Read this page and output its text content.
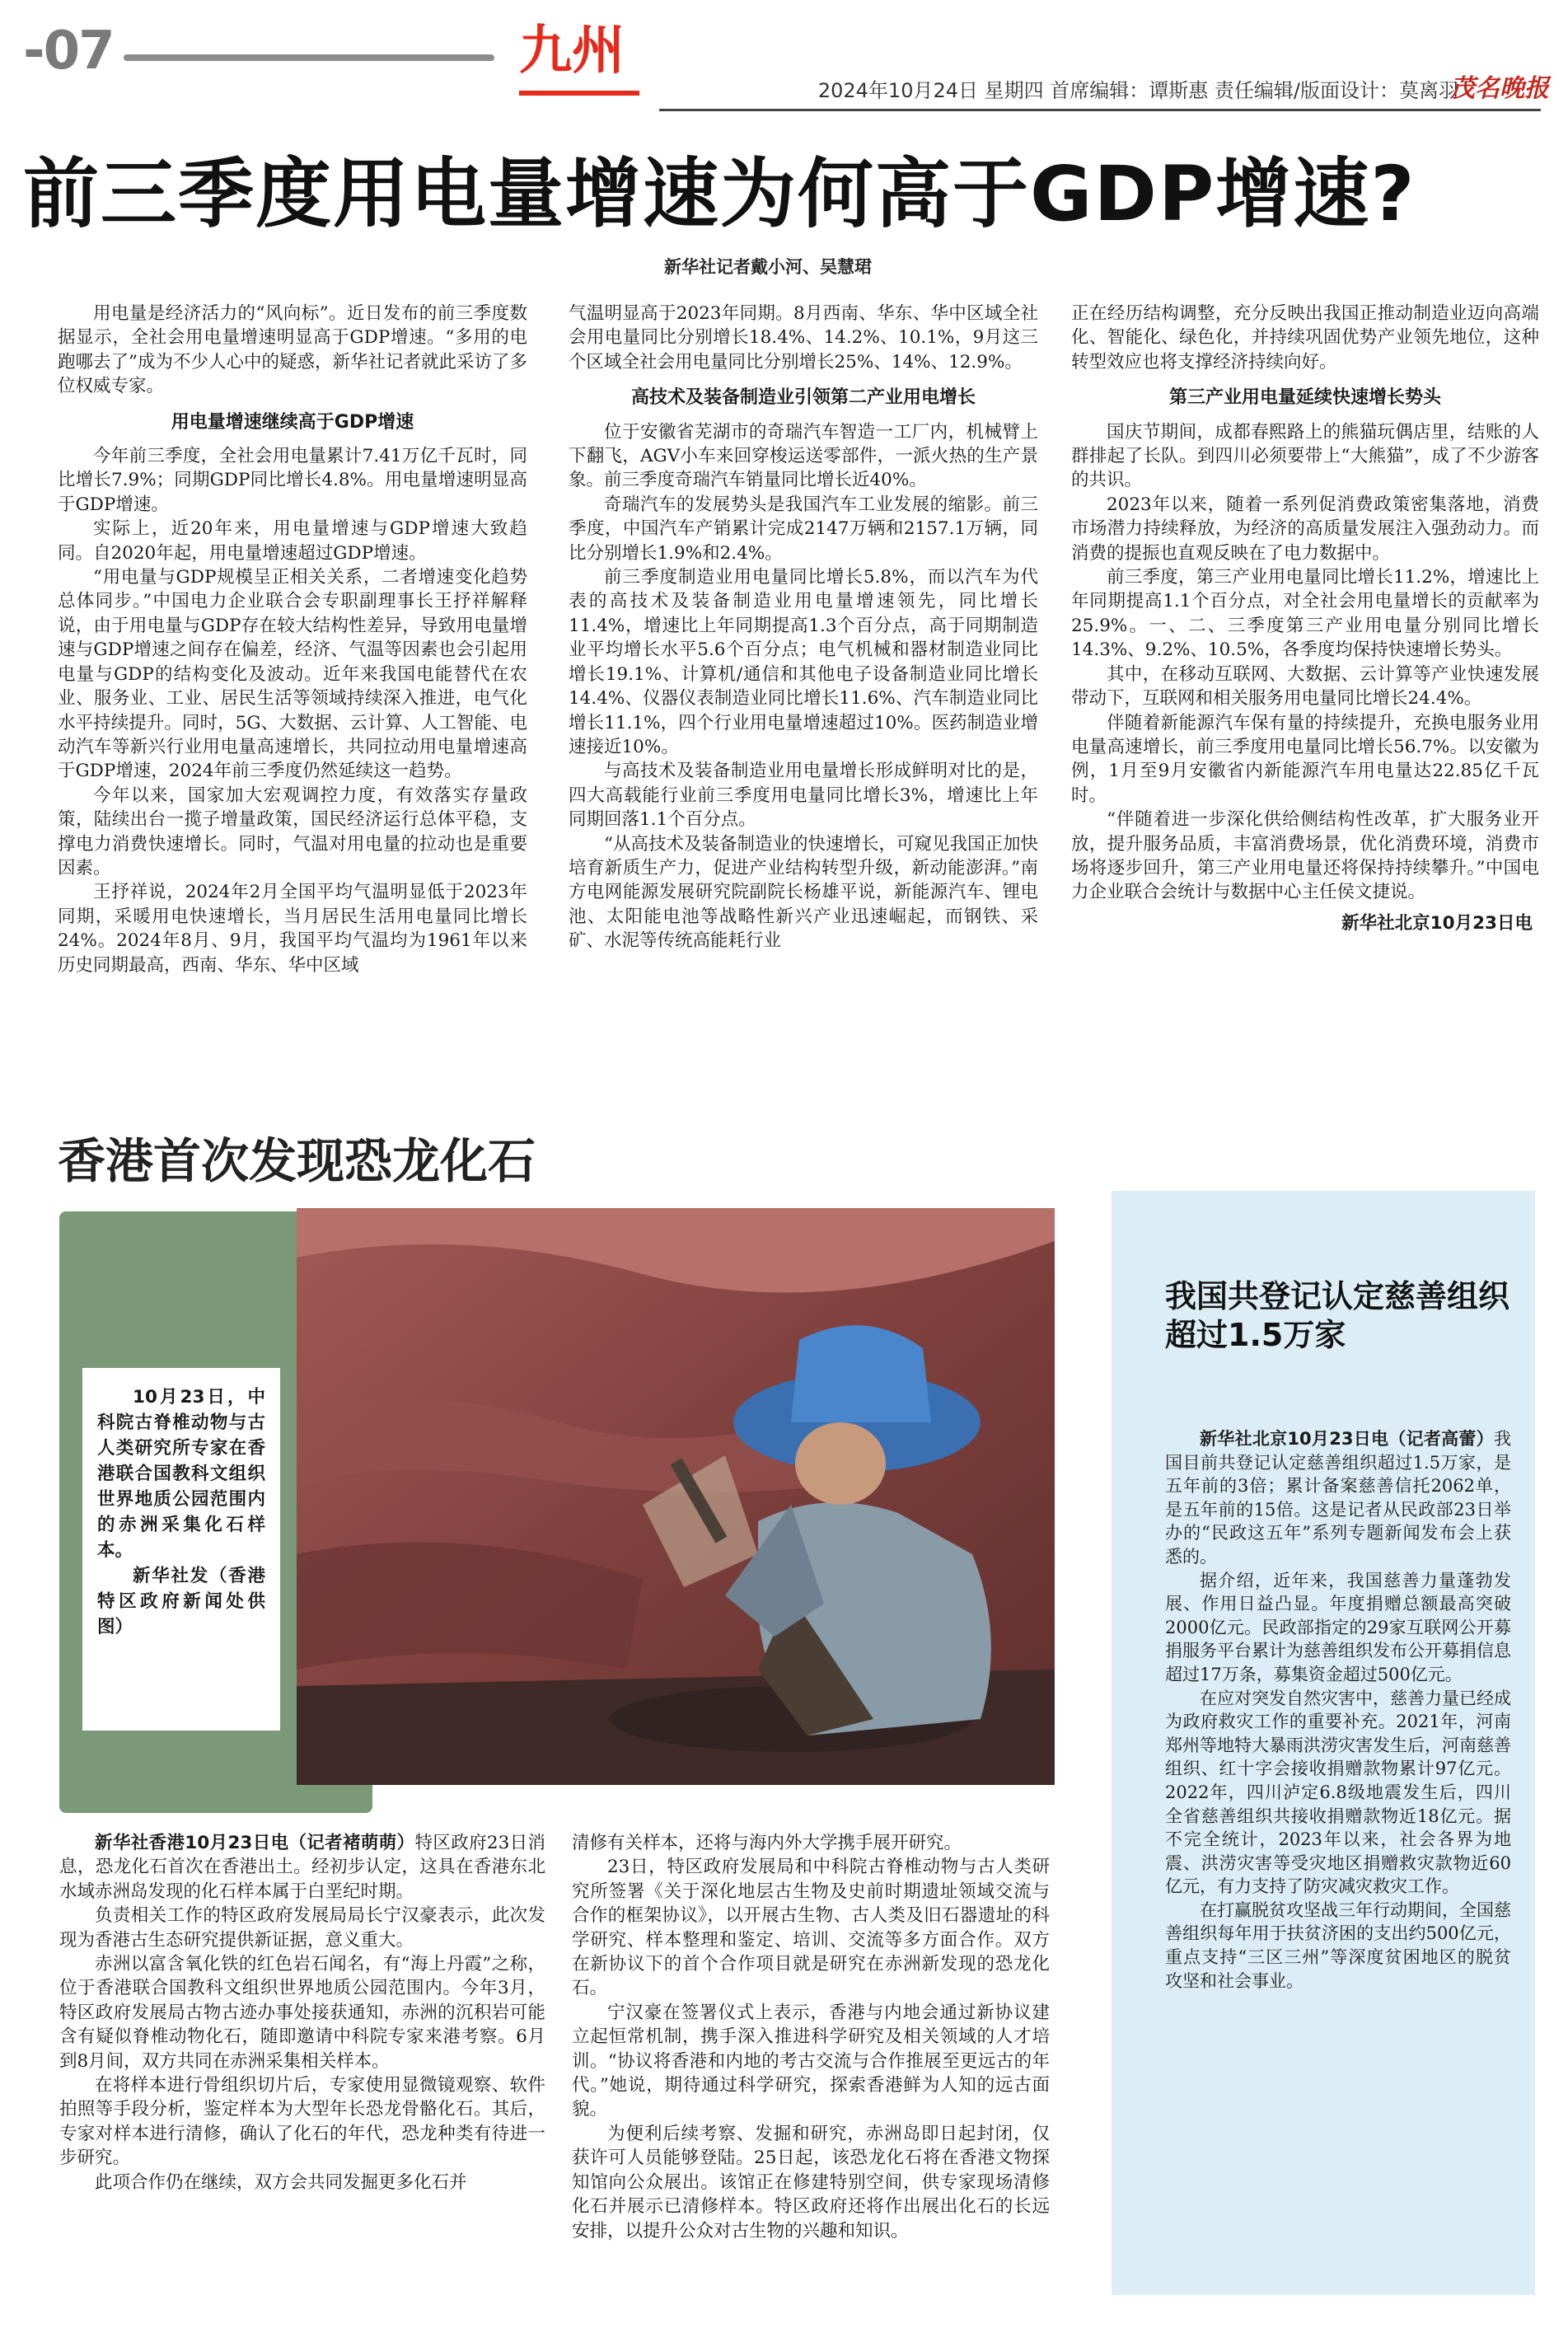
-07	九州
2024年10月24日 星期四 首席编辑：谭斯惠 责任编辑/版面设计：莫离羽
茂名晚报
前三季度用电量增速为何高于GDP增速?
新华社记者戴小河、吴慧珺

用电量是经济活力的“风向标”。近日发布的前三季度数据显示，全社会用电量增速明显高于GDP增速。“多用的电跑哪去了”成为不少人心中的疑惑，新华社记者就此采访了多位权威专家。

用电量增速继续高于GDP增速

今年前三季度，全社会用电量累计7.41万亿千瓦时，同比增长7.9%；同期GDP同比增长4.8%。用电量增速明显高于GDP增速。

实际上，近20年来，用电量增速与GDP增速大致趋同。自2020年起，用电量增速超过GDP增速。

“用电量与GDP规模呈正相关关系，二者增速变化趋势总体同步。”中国电力企业联合会专职副理事长王抒祥解释说，由于用电量与GDP存在较大结构性差异，导致用电量增速与GDP增速之间存在偏差，经济、气温等因素也会引起用电量与GDP的结构变化及波动。近年来我国电能替代在农业、服务业、工业、居民生活等领域持续深入推进，电气化水平持续提升。同时，5G、大数据、云计算、人工智能、电动汽车等新兴行业用电量高速增长，共同拉动用电量增速高于GDP增速，2024年前三季度仍然延续这一趋势。

今年以来，国家加大宏观调控力度，有效落实存量政策，陆续出台一揽子增量政策，国民经济运行总体平稳，支撑电力消费快速增长。同时，气温对用电量的拉动也是重要因素。

王抒祥说，2024年2月全国平均气温明显低于2023年同期，采暖用电快速增长，当月居民生活用电量同比增长24%。2024年8月、9月，我国平均气温均为1961年以来历史同期最高，西南、华东、华中区域

气温明显高于2023年同期。8月西南、华东、华中区域全社会用电量同比分别增长18.4%、14.2%、10.1%，9月这三个区域全社会用电量同比分别增长25%、14%、12.9%。

高技术及装备制造业引领第二产业用电增长

位于安徽省芜湖市的奇瑞汽车智造一工厂内，机械臂上下翻飞，AGV小车来回穿梭运送零部件，一派火热的生产景象。前三季度奇瑞汽车销量同比增长近40%。

奇瑞汽车的发展势头是我国汽车工业发展的缩影。前三季度，中国汽车产销累计完成2147万辆和2157.1万辆，同比分别增长1.9%和2.4%。

前三季度制造业用电量同比增长5.8%，而以汽车为代表的高技术及装备制造业用电量增速领先，同比增长11.4%，增速比上年同期提高1.3个百分点，高于同期制造业平均增长水平5.6个百分点；电气机械和器材制造业同比增长19.1%、计算机/通信和其他电子设备制造业同比增长14.4%、仪器仪表制造业同比增长11.6%、汽车制造业同比增长11.1%，四个行业用电量增速超过10%。医药制造业增速接近10%。

与高技术及装备制造业用电量增长形成鲜明对比的是，四大高载能行业前三季度用电量同比增长3%，增速比上年同期回落1.1个百分点。

“从高技术及装备制造业的快速增长，可窥见我国正加快培育新质生产力，促进产业结构转型升级，新动能澎湃。”南方电网能源发展研究院副院长杨雄平说，新能源汽车、锂电池、太阳能电池等战略性新兴产业迅速崛起，而钢铁、采矿、水泥等传统高能耗行业

正在经历结构调整，充分反映出我国正推动制造业迈向高端化、智能化、绿色化，并持续巩固优势产业领先地位，这种转型效应也将支撑经济持续向好。

第三产业用电量延续快速增长势头

国庆节期间，成都春熙路上的熊猫玩偶店里，结账的人群排起了长队。到四川必须要带上“大熊猫”，成了不少游客的共识。

2023年以来，随着一系列促消费政策密集落地，消费市场潜力持续释放，为经济的高质量发展注入强劲动力。而消费的提振也直观反映在了电力数据中。

前三季度，第三产业用电量同比增长11.2%，增速比上年同期提高1.1个百分点，对全社会用电量增长的贡献率为25.9%。一、二、三季度第三产业用电量分别同比增长14.3%、9.2%、10.5%，各季度均保持快速增长势头。

其中，在移动互联网、大数据、云计算等产业快速发展带动下，互联网和相关服务用电量同比增长24.4%。

伴随着新能源汽车保有量的持续提升，充换电服务业用电量高速增长，前三季度用电量同比增长56.7%。以安徽为例，1月至9月安徽省内新能源汽车用电量达22.85亿千瓦时。

“伴随着进一步深化供给侧结构性改革，扩大服务业开放，提升服务品质，丰富消费场景，优化消费环境，消费市场将逐步回升，第三产业用电量还将保持持续攀升。”中国电力企业联合会统计与数据中心主任侯文捷说。

新华社北京10月23日电

香港首次发现恐龙化石

10月23日，中科院古脊椎动物与古人类研究所专家在香港联合国教科文组织世界地质公园范围内的赤洲采集化石样本。

新华社发（香港特区政府新闻处供图）

新华社香港10月23日电（记者褚萌萌）特区政府23日消息，恐龙化石首次在香港出土。经初步认定，这具在香港东北水域赤洲岛发现的化石样本属于白垩纪时期。

负责相关工作的特区政府发展局局长宁汉豪表示，此次发现为香港古生态研究提供新证据，意义重大。

赤洲以富含氧化铁的红色岩石闻名，有“海上丹霞”之称，位于香港联合国教科文组织世界地质公园范围内。今年3月，特区政府发展局古物古迹办事处接获通知，赤洲的沉积岩可能含有疑似脊椎动物化石，随即邀请中科院专家来港考察。6月到8月间，双方共同在赤洲采集相关样本。

在将样本进行骨组织切片后，专家使用显微镜观察、软件拍照等手段分析，鉴定样本为大型年长恐龙骨骼化石。其后，专家对样本进行清修，确认了化石的年代，恐龙种类有待进一步研究。

此项合作仍在继续，双方会共同发掘更多化石并

清修有关样本，还将与海内外大学携手展开研究。

23日，特区政府发展局和中科院古脊椎动物与古人类研究所签署《关于深化地层古生物及史前时期遗址领域交流与合作的框架协议》，以开展古生物、古人类及旧石器遗址的科学研究、样本整理和鉴定、培训、交流等多方面合作。双方在新协议下的首个合作项目就是研究在赤洲新发现的恐龙化石。

宁汉豪在签署仪式上表示，香港与内地会通过新协议建立起恒常机制，携手深入推进科学研究及相关领域的人才培训。“协议将香港和内地的考古交流与合作推展至更远古的年代。”她说，期待通过科学研究，探索香港鲜为人知的远古面貌。

为便利后续考察、发掘和研究，赤洲岛即日起封闭，仅获许可人员能够登陆。25日起，该恐龙化石将在香港文物探知馆向公众展出。该馆正在修建特别空间，供专家现场清修化石并展示已清修样本。特区政府还将作出展出化石的长远安排，以提升公众对古生物的兴趣和知识。

我国共登记认定慈善组织超过1.5万家

新华社北京10月23日电（记者高蕾）我国目前共登记认定慈善组织超过1.5万家，是五年前的3倍；累计备案慈善信托2062单，是五年前的15倍。这是记者从民政部23日举办的“民政这五年”系列专题新闻发布会上获悉的。

据介绍，近年来，我国慈善力量蓬勃发展、作用日益凸显。年度捐赠总额最高突破2000亿元。民政部指定的29家互联网公开募捐服务平台累计为慈善组织发布公开募捐信息超过17万条，募集资金超过500亿元。

在应对突发自然灾害中，慈善力量已经成为政府救灾工作的重要补充。2021年，河南郑州等地特大暴雨洪涝灾害发生后，河南慈善组织、红十字会接收捐赠款物累计97亿元。2022年，四川泸定6.8级地震发生后，四川全省慈善组织共接收捐赠款物近18亿元。据不完全统计，2023年以来，社会各界为地震、洪涝灾害等受灾地区捐赠救灾款物近60亿元，有力支持了防灾减灾救灾工作。

在打赢脱贫攻坚战三年行动期间，全国慈善组织每年用于扶贫济困的支出约500亿元，重点支持“三区三州”等深度贫困地区的脱贫攻坚和社会事业。
